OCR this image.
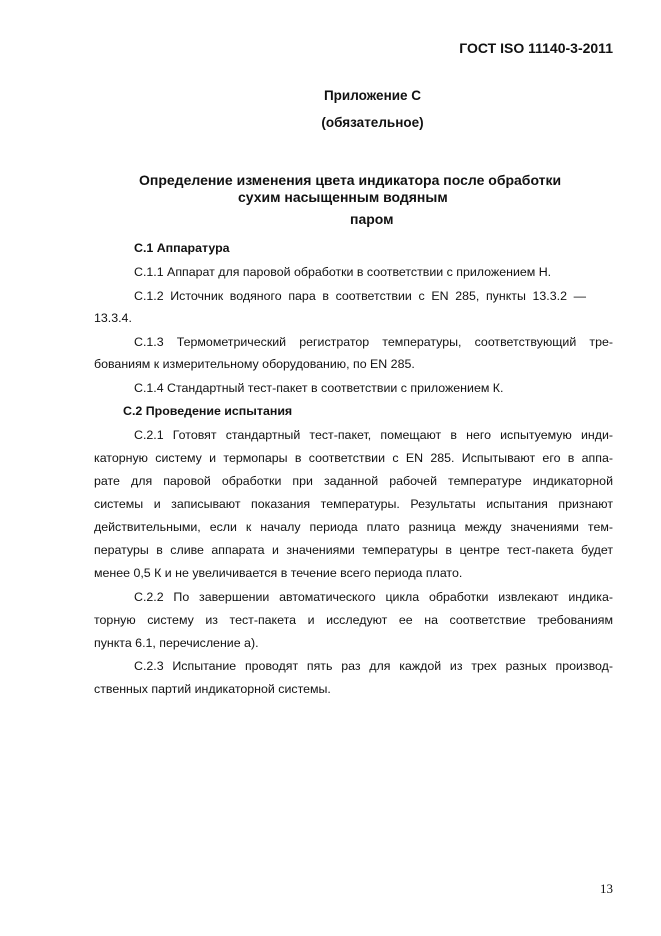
ГОСТ ISO 11140-3-2011

Приложение С

(обязательное)

Определение изменения цвета индикатора после обработки

сухим насыщенным водяным

паром

С.1 Аппаратура

С.1.1 Аппарат для паровой обработки в соответствии с приложением Н.

С.1.2 Источник водяного пара в соответствии с EN 285, пункты 13.3.2 —

13.3.4.

С.1.3 Термометрический регистратор температуры, соответствующий тре-

бованиям к измерительному оборудованию, по EN 285.

С.1.4 Стандартный тест-пакет в соответствии с приложением К.

С.2 Проведение испытания

С.2.1 Готовят стандартный тест-пакет, помещают в него испытуемую инди-

каторную систему и термопары в соответствии с EN 285. Испытывают его в аппа-

рате для паровой обработки при заданной рабочей температуре индикаторной

системы и записывают показания температуры. Результаты испытания признают

действительными, если к началу периода плато разница между значениями тем-

пературы в сливе аппарата и значениями температуры в центре тест-пакета будет

менее 0,5 К и не увеличивается в течение всего периода плато.

С.2.2 По завершении автоматического цикла обработки извлекают индика-

торную систему из тест-пакета и исследуют ее на соответствие требованиям

пункта 6.1, перечисление а).

С.2.3 Испытание проводят пять раз для каждой из трех разных производ-

ственных партий индикаторной системы.

13
